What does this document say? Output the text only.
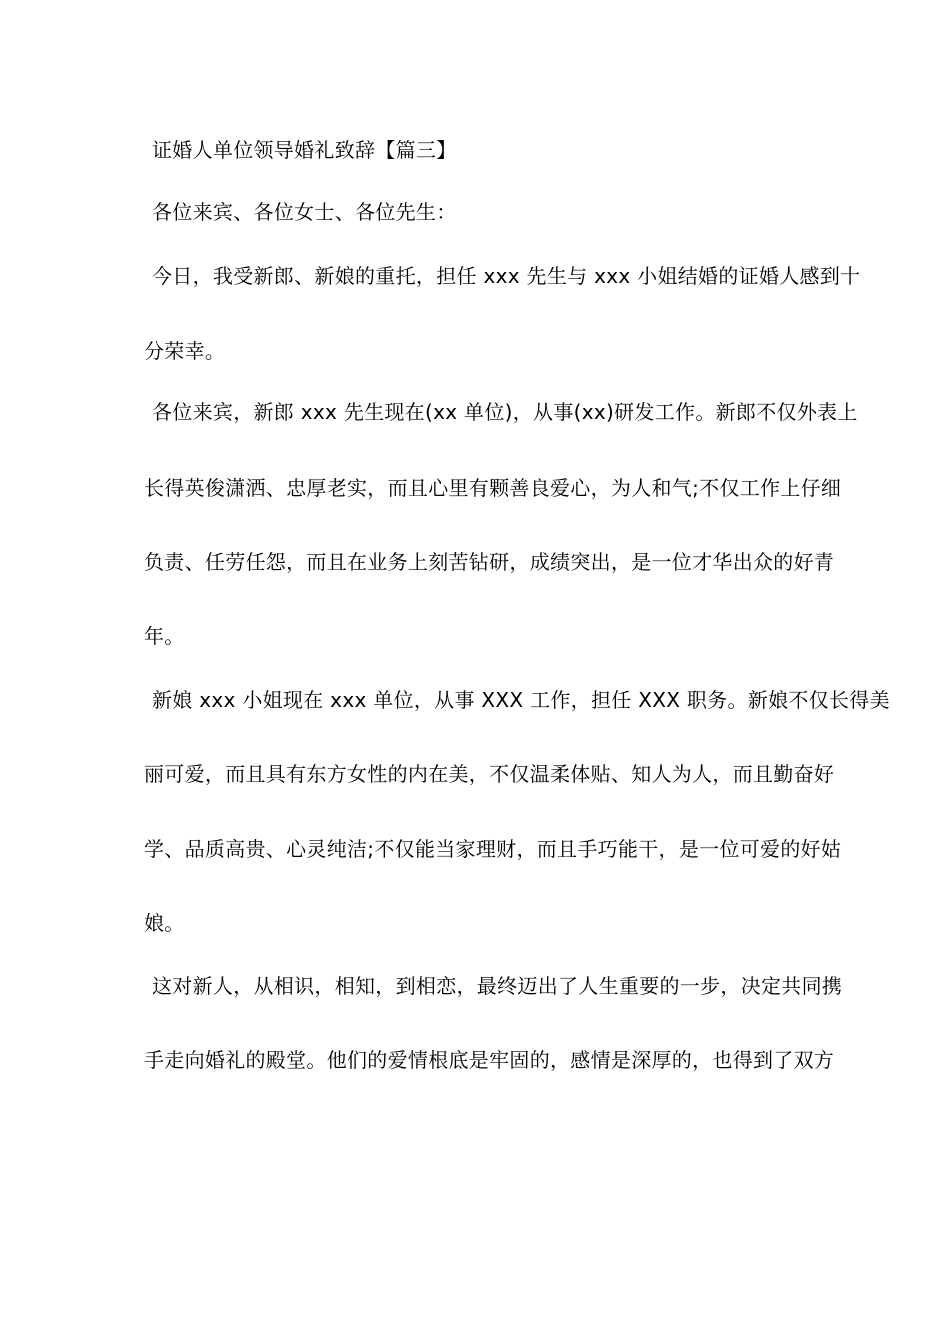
证婚人单位领导婚礼致辞【篇三】
各位来宾、各位女士、各位先生：
今日，我受新郎、新娘的重托，担任 xxx 先生与 xxx 小姐结婚的证婚人感到十
分荣幸。
各位来宾，新郎 xxx 先生现在(xx 单位)，从事(xx)研发工作。新郎不仅外表上
长得英俊潇洒、忠厚老实，而且心里有颗善良爱心，为人和气;不仅工作上仔细
负责、任劳任怨，而且在业务上刻苦钻研，成绩突出，是一位才华出众的好青
年。
新娘 xxx 小姐现在 xxx 单位，从事 XXX 工作，担任 XXX 职务。新娘不仅长得美
丽可爱，而且具有东方女性的内在美，不仅温柔体贴、知人为人，而且勤奋好
学、品质高贵、心灵纯洁;不仅能当家理财，而且手巧能干，是一位可爱的好姑
娘。
这对新人，从相识，相知，到相恋，最终迈出了人生重要的一步，决定共同携
手走向婚礼的殿堂。他们的爱情根底是牢固的，感情是深厚的，也得到了双方
